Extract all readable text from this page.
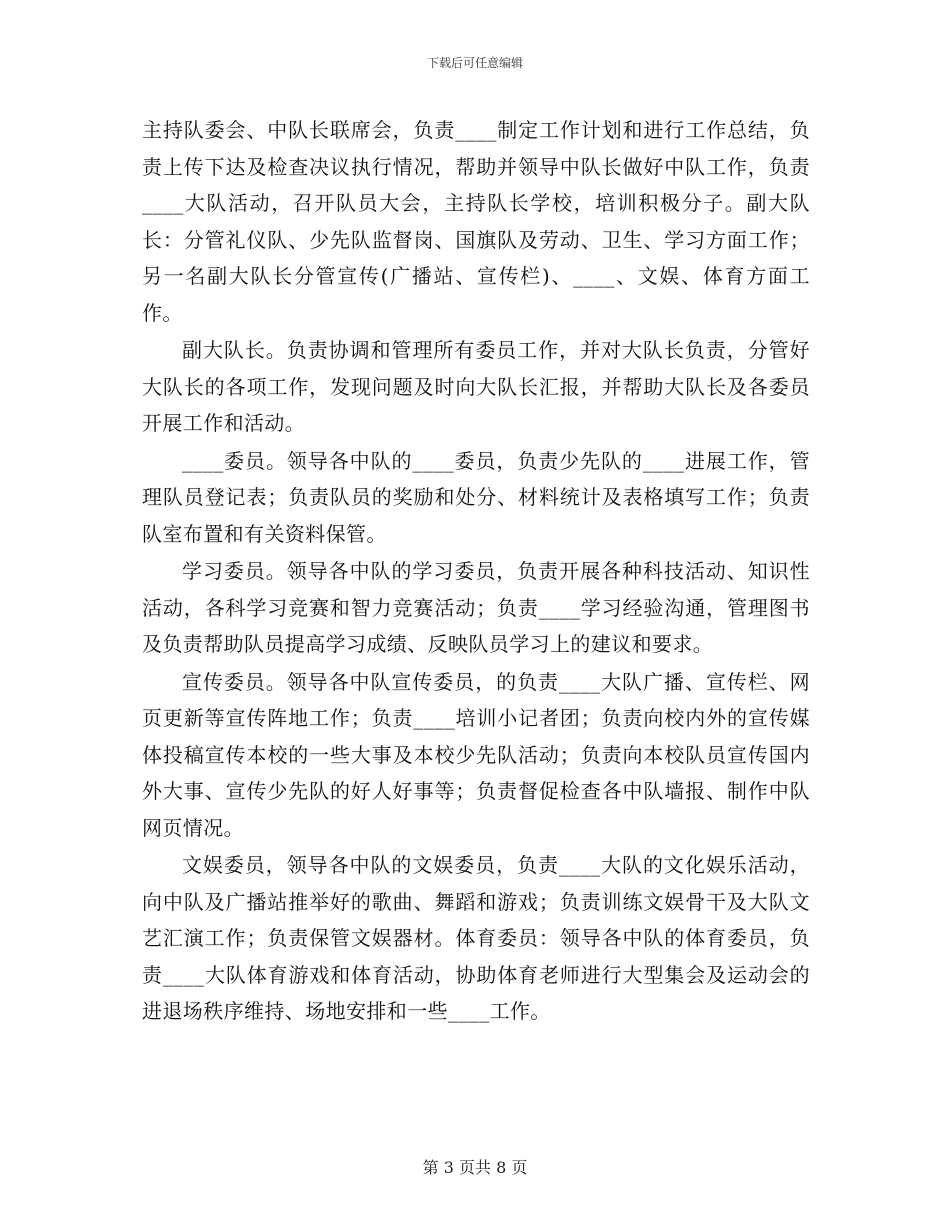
下载后可任意编辑

主持队委会、中队长联席会，负责____制定工作计划和进行工作总结，负责上传下达及检查决议执行情况，帮助并领导中队长做好中队工作，负责____大队活动，召开队员大会，主持队长学校，培训积极分子。副大队长：分管礼仪队、少先队监督岗、国旗队及劳动、卫生、学习方面工作；另一名副大队长分管宣传(广播站、宣传栏)、____、文娱、体育方面工作。

副大队长。负责协调和管理所有委员工作，并对大队长负责，分管好大队长的各项工作，发现问题及时向大队长汇报，并帮助大队长及各委员开展工作和活动。

____委员。领导各中队的____委员，负责少先队的____进展工作，管理队员登记表；负责队员的奖励和处分、材料统计及表格填写工作；负责队室布置和有关资料保管。

学习委员。领导各中队的学习委员，负责开展各种科技活动、知识性活动，各科学习竞赛和智力竞赛活动；负责____学习经验沟通，管理图书及负责帮助队员提高学习成绩、反映队员学习上的建议和要求。

宣传委员。领导各中队宣传委员，的负责____大队广播、宣传栏、网页更新等宣传阵地工作；负责____培训小记者团；负责向校内外的宣传媒体投稿宣传本校的一些大事及本校少先队活动；负责向本校队员宣传国内外大事、宣传少先队的好人好事等；负责督促检查各中队墙报、制作中队网页情况。

文娱委员，领导各中队的文娱委员，负责____大队的文化娱乐活动，向中队及广播站推举好的歌曲、舞蹈和游戏；负责训练文娱骨干及大队文艺汇演工作；负责保管文娱器材。体育委员：领导各中队的体育委员，负责____大队体育游戏和体育活动，协助体育老师进行大型集会及运动会的进退场秩序维持、场地安排和一些____工作。

第 3 页共 8 页
